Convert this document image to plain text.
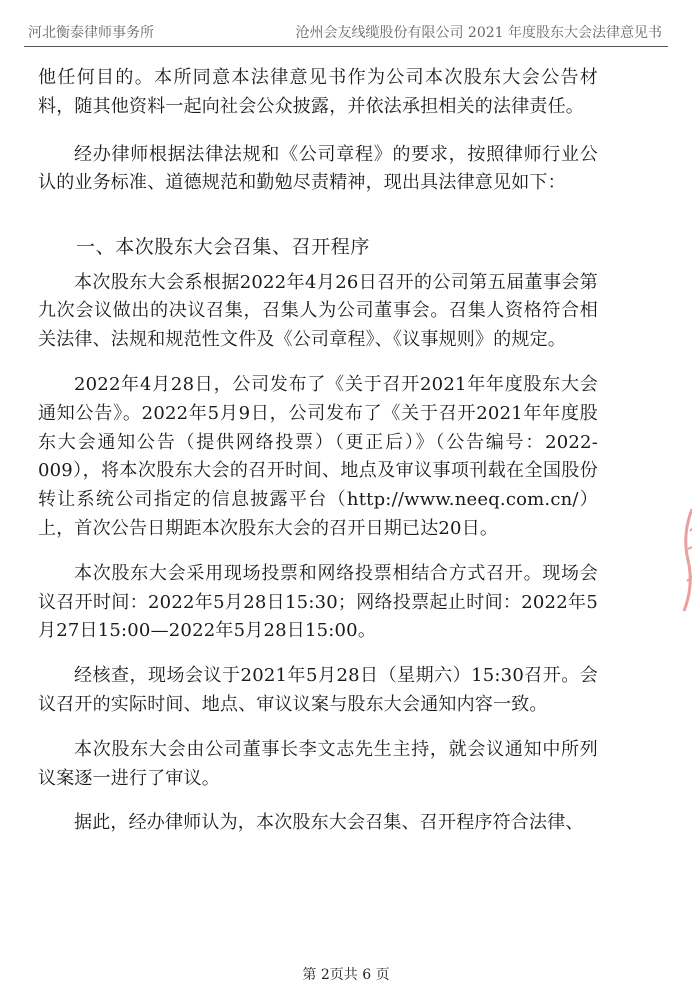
河北衡泰律师事务所	沧州会友线缆股份有限公司 2021 年度股东大会法律意见书

他任何目的。本所同意本法律意见书作为公司本次股东大会公告材料，随其他资料一起向社会公众披露，并依法承担相关的法律责任。

经办律师根据法律法规和《公司章程》的要求，按照律师行业公认的业务标准、道德规范和勤勉尽责精神，现出具法律意见如下：

一、本次股东大会召集、召开程序

本次股东大会系根据2022年4月26日召开的公司第五届董事会第九次会议做出的决议召集，召集人为公司董事会。召集人资格符合相关法律、法规和规范性文件及《公司章程》、《议事规则》的规定。

2022年4月28日，公司发布了《关于召开2021年年度股东大会通知公告》。2022年5月9日，公司发布了《关于召开2021年年度股东大会通知公告（提供网络投票）（更正后）》（公告编号：2022-009），将本次股东大会的召开时间、地点及审议事项刊载在全国股份转让系统公司指定的信息披露平台（http://www.neeq.com.cn/）上，首次公告日期距本次股东大会的召开日期已达20日。

本次股东大会采用现场投票和网络投票相结合方式召开。现场会议召开时间：2022年5月28日15:30；网络投票起止时间：2022年5月27日15:00—2022年5月28日15:00。

经核查，现场会议于2021年5月28日（星期六）15:30召开。会议召开的实际时间、地点、审议议案与股东大会通知内容一致。

本次股东大会由公司董事长李文志先生主持，就会议通知中所列议案逐一进行了审议。

据此，经办律师认为，本次股东大会召集、召开程序符合法律、

第 2页共 6 页
